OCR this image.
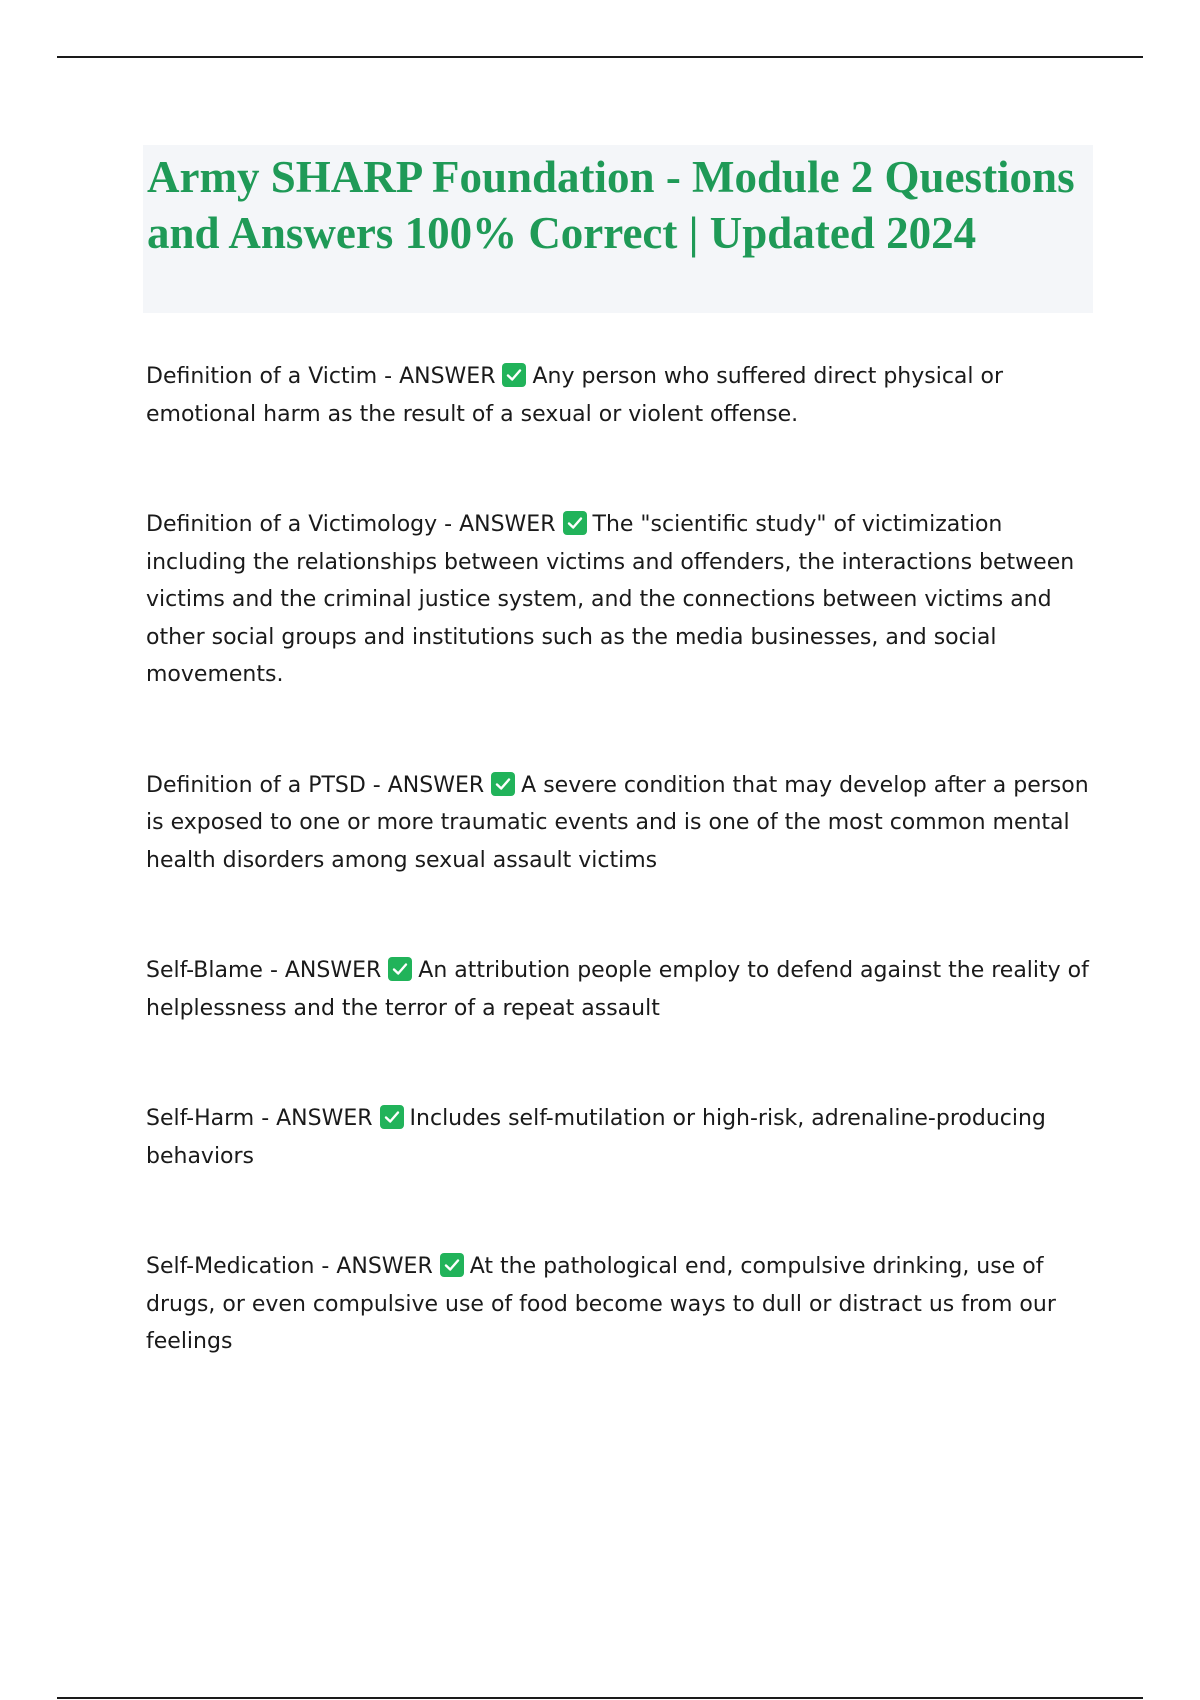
Army SHARP Foundation - Module 2 Questions and Answers 100% Correct | Updated 2024

Definition of a Victim - ANSWER Any person who suffered direct physical or emotional harm as the result of a sexual or violent offense.

Definition of a Victimology - ANSWER The "scientific study" of victimization including the relationships between victims and offenders, the interactions between victims and the criminal justice system, and the connections between victims and other social groups and institutions such as the media businesses, and social movements.

Definition of a PTSD - ANSWER A severe condition that may develop after a person is exposed to one or more traumatic events and is one of the most common mental health disorders among sexual assault victims

Self-Blame - ANSWER An attribution people employ to defend against the reality of helplessness and the terror of a repeat assault

Self-Harm - ANSWER Includes self-mutilation or high-risk, adrenaline-producing behaviors

Self-Medication - ANSWER At the pathological end, compulsive drinking, use of drugs, or even compulsive use of food become ways to dull or distract us from our feelings
